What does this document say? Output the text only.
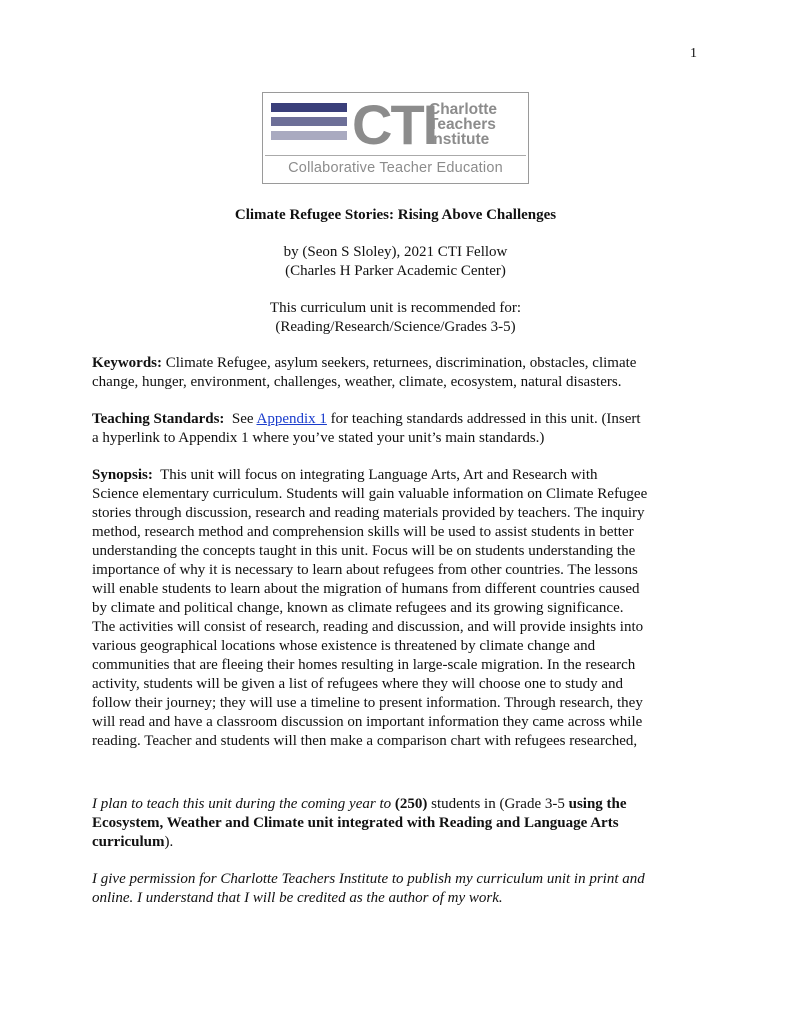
1
CTI
Charlotte
Teachers
Institute
Collaborative Teacher Education
Climate Refugee Stories: Rising Above Challenges
by (Seon S Sloley), 2021 CTI Fellow
(Charles H Parker Academic Center)
This curriculum unit is recommended for:
(Reading/Research/Science/Grades 3-5)
Keywords: Climate Refugee, asylum seekers, returnees, discrimination, obstacles, climate
change, hunger, environment, challenges, weather, climate, ecosystem, natural disasters.
Teaching Standards:  See Appendix 1 for teaching standards addressed in this unit. (Insert
a hyperlink to Appendix 1 where you’ve stated your unit’s main standards.)
Synopsis:  This unit will focus on integrating Language Arts, Art and Research with
Science elementary curriculum. Students will gain valuable information on Climate Refugee
stories through discussion, research and reading materials provided by teachers. The inquiry
method, research method and comprehension skills will be used to assist students in better
understanding the concepts taught in this unit. Focus will be on students understanding the
importance of why it is necessary to learn about refugees from other countries. The lessons
will enable students to learn about the migration of humans from different countries caused
by climate and political change, known as climate refugees and its growing significance.
The activities will consist of research, reading and discussion, and will provide insights into
various geographical locations whose existence is threatened by climate change and
communities that are fleeing their homes resulting in large-scale migration. In the research
activity, students will be given a list of refugees where they will choose one to study and
follow their journey; they will use a timeline to present information. Through research, they
will read and have a classroom discussion on important information they came across while
reading. Teacher and students will then make a comparison chart with refugees researched,
I plan to teach this unit during the coming year to (250) students in (Grade 3-5 using the
Ecosystem, Weather and Climate unit integrated with Reading and Language Arts
curriculum).
I give permission for Charlotte Teachers Institute to publish my curriculum unit in print and
online. I understand that I will be credited as the author of my work.
